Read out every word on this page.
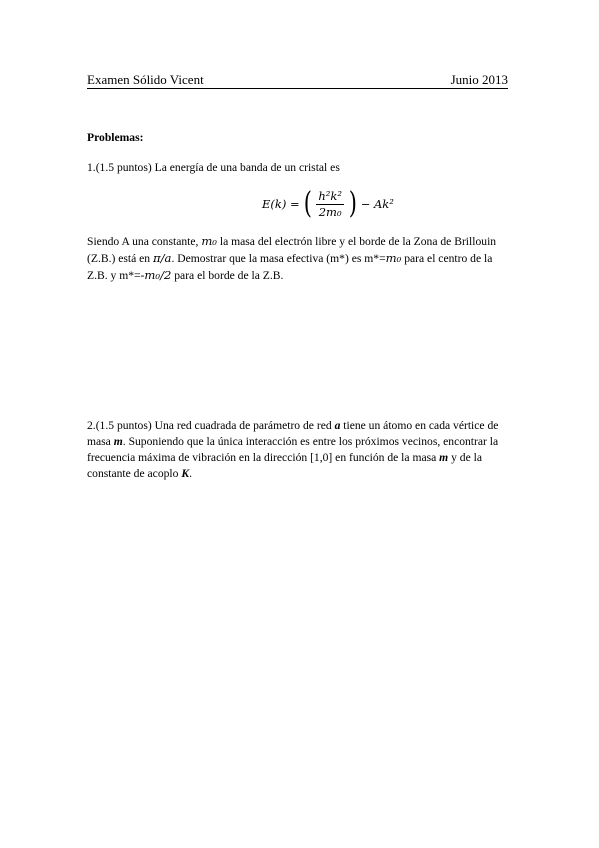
Examen Sólido Vicent	Junio 2013
Problemas:
1.(1.5 puntos) La energía de una banda de un cristal es
E(k) = ( $\frac{\text{h²k²}}{\text{2m₀}}$ ) − Ak²
Siendo A una constante, m₀ la masa del electrón libre y el borde de la Zona de Brillouin (Z.B.) está en π/a. Demostrar que la masa efectiva (m*) es m*=m₀ para el centro de la Z.B. y m*=-m₀/2 para el borde de la Z.B.
2.(1.5 puntos) Una red cuadrada de parámetro de red a tiene un átomo en cada vértice de masa m. Suponiendo que la única interacción es entre los próximos vecinos, encontrar la frecuencia máxima de vibración en la dirección [1,0] en función de la masa m y de la constante de acoplo K.
